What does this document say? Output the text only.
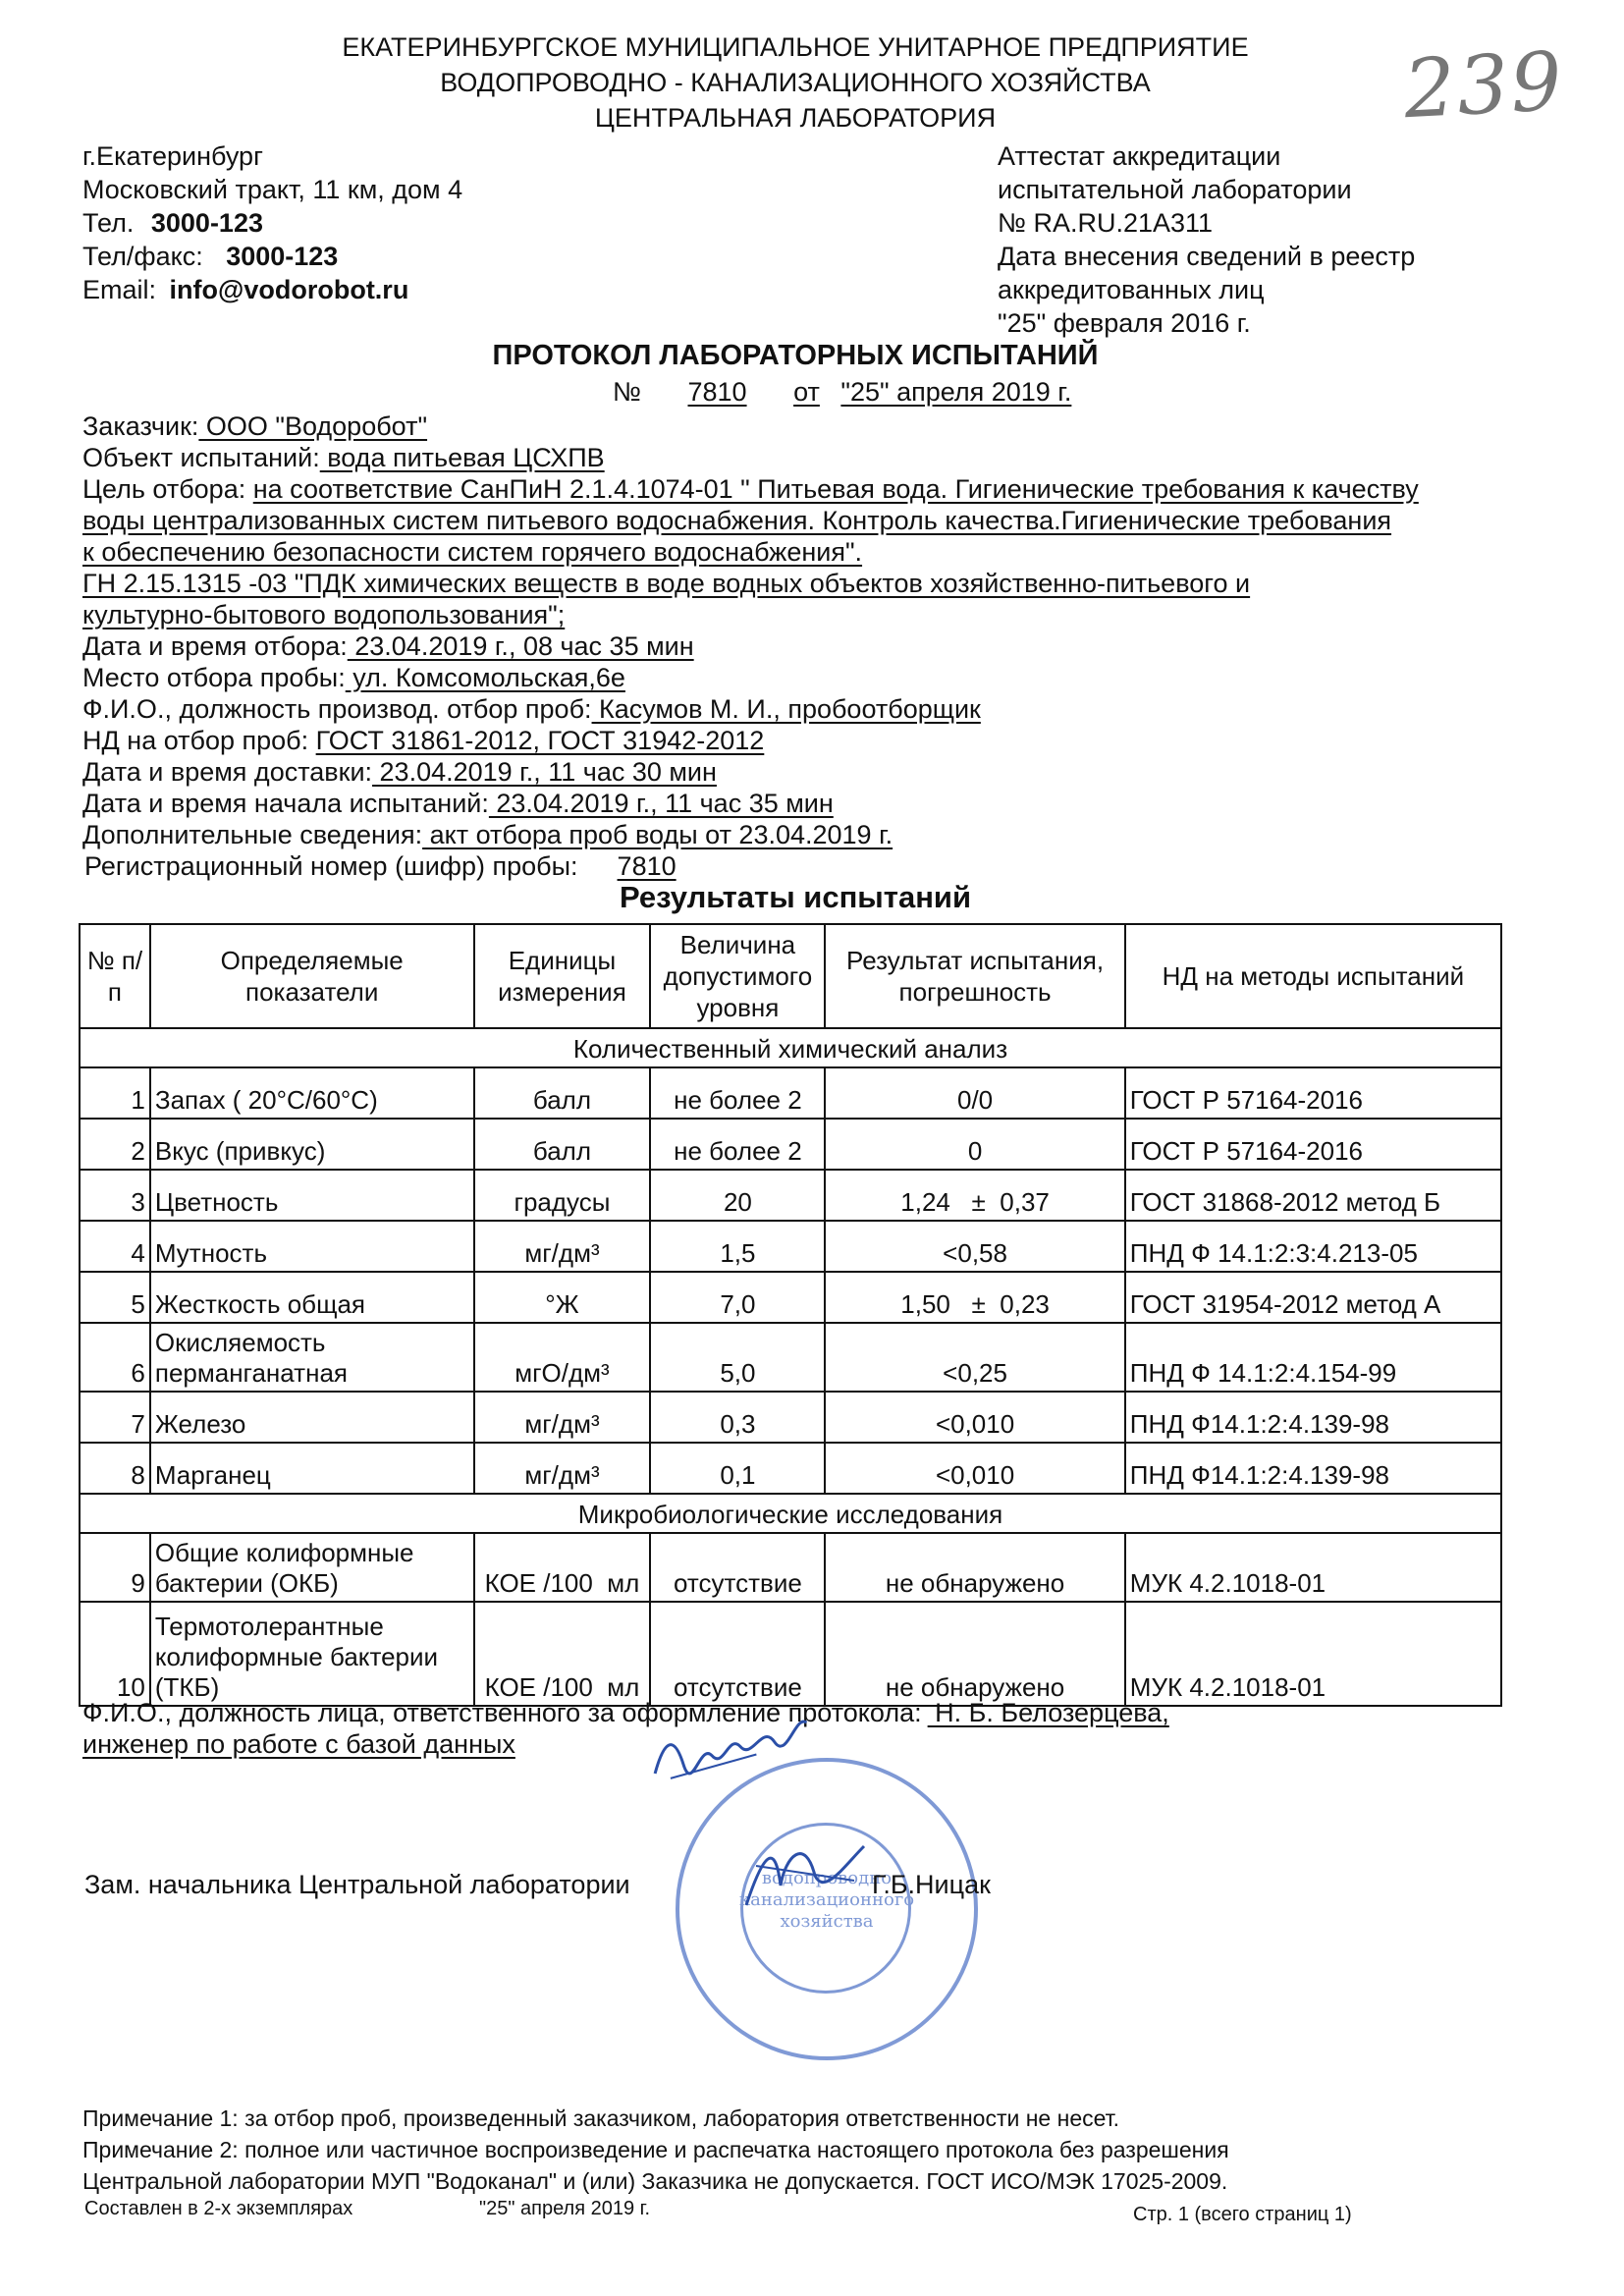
ЕКАТЕРИНБУРГСКОЕ МУНИЦИПАЛЬНОЕ УНИТАРНОЕ ПРЕДПРИЯТИЕ
ВОДОПРОВОДНО - КАНАЛИЗАЦИОННОГО ХОЗЯЙСТВА
ЦЕНТРАЛЬНАЯ ЛАБОРАТОРИЯ	239
г.Екатеринбург
Московский тракт, 11 км, дом 4
Тел. 3000-123
Тел/факс: 3000-123
Email: info@vodorobot.ru
Аттестат аккредитации
испытательной лаборатории
№ RA.RU.21A311
Дата внесения сведений в реестр
аккредитованных лиц
"25" февраля 2016 г.
ПРОТОКОЛ ЛАБОРАТОРНЫХ ИСПЫТАНИЙ
№ 7810 от "25" апреля 2019 г.
Заказчик: ООО "Водоробот"
Объект испытаний: вода питьевая ЦСХПВ
Цель отбора: на соответствие СанПиН 2.1.4.1074-01 " Питьевая вода. Гигиенические требования к качеству
воды централизованных систем питьевого водоснабжения. Контроль качества.Гигиенические требования
к обеспечению безопасности систем горячего водоснабжения".
ГН 2.15.1315 -03 "ПДК химических веществ в воде водных объектов хозяйственно-питьевого и
культурно-бытового водопользования";
Дата и время отбора: 23.04.2019 г., 08 час 35 мин
Место отбора пробы: ул. Комсомольская,6е
Ф.И.О., должность производ. отбор проб: Касумов М. И., пробоотборщик
НД на отбор проб: ГОСТ 31861-2012, ГОСТ 31942-2012
Дата и время доставки: 23.04.2019 г., 11 час 30 мин
Дата и время начала испытаний: 23.04.2019 г., 11 час 35 мин
Дополнительные сведения: акт отбора проб воды от 23.04.2019 г.
Регистрационный номер (шифр) пробы: 7810
Результаты испытаний
№ п/п	Определяемые показатели	Единицы измерения	Величина допустимого уровня	Результат испытания, погрешность	НД на методы испытаний
Количественный химический анализ					
1	Запах ( 20°С/60°С)	балл	не более 2	0/0	ГОСТ Р 57164-2016
2	Вкус (привкус)	балл	не более 2	0	ГОСТ Р 57164-2016
3	Цветность	градусы	20	1,24   ±  0,37	ГОСТ 31868-2012 метод Б
4	Мутность	мг/дм³	1,5	<0,58	ПНД Ф 14.1:2:3:4.213-05
5	Жесткость общая	°Ж	7,0	1,50   ±  0,23	ГОСТ 31954-2012 метод А
6	Окисляемость
перманганатная	мгО/дм³	5,0	<0,25	ПНД Ф 14.1:2:4.154-99
7	Железо	мг/дм³	0,3	<0,010	ПНД Ф14.1:2:4.139-98
8	Марганец	мг/дм³	0,1	<0,010	ПНД Ф14.1:2:4.139-98
Микробиологические исследования					
9	Общие колиформные
бактерии (ОКБ)	КОЕ /100  мл	отсутствие	не обнаружено	МУК 4.2.1018-01
10	Термотолерантные
колиформные бактерии
(ТКБ)	КОЕ /100  мл	отсутствие	не обнаружено	МУК 4.2.1018-01
Ф.И.О., должность лица, ответственного за оформление протокола: Н. Б. Белозерцева,
инженер по работе с базой данных
водопроводно
канализационного
хозяйства
Зам. начальника Центральной лаборатории	Г.Б.Ницак
Примечание 1: за отбор проб, произведенный заказчиком, лаборатория ответственности не несет.
Примечание 2: полное или частичное воспроизведение и распечатка настоящего протокола без разрешения
Центральной лаборатории МУП "Водоканал" и (или) Заказчика не допускается. ГОСТ ИСО/МЭК 17025-2009.
Составлен в 2-х экземплярах	"25" апреля 2019 г.	Стр. 1 (всего страниц 1)
